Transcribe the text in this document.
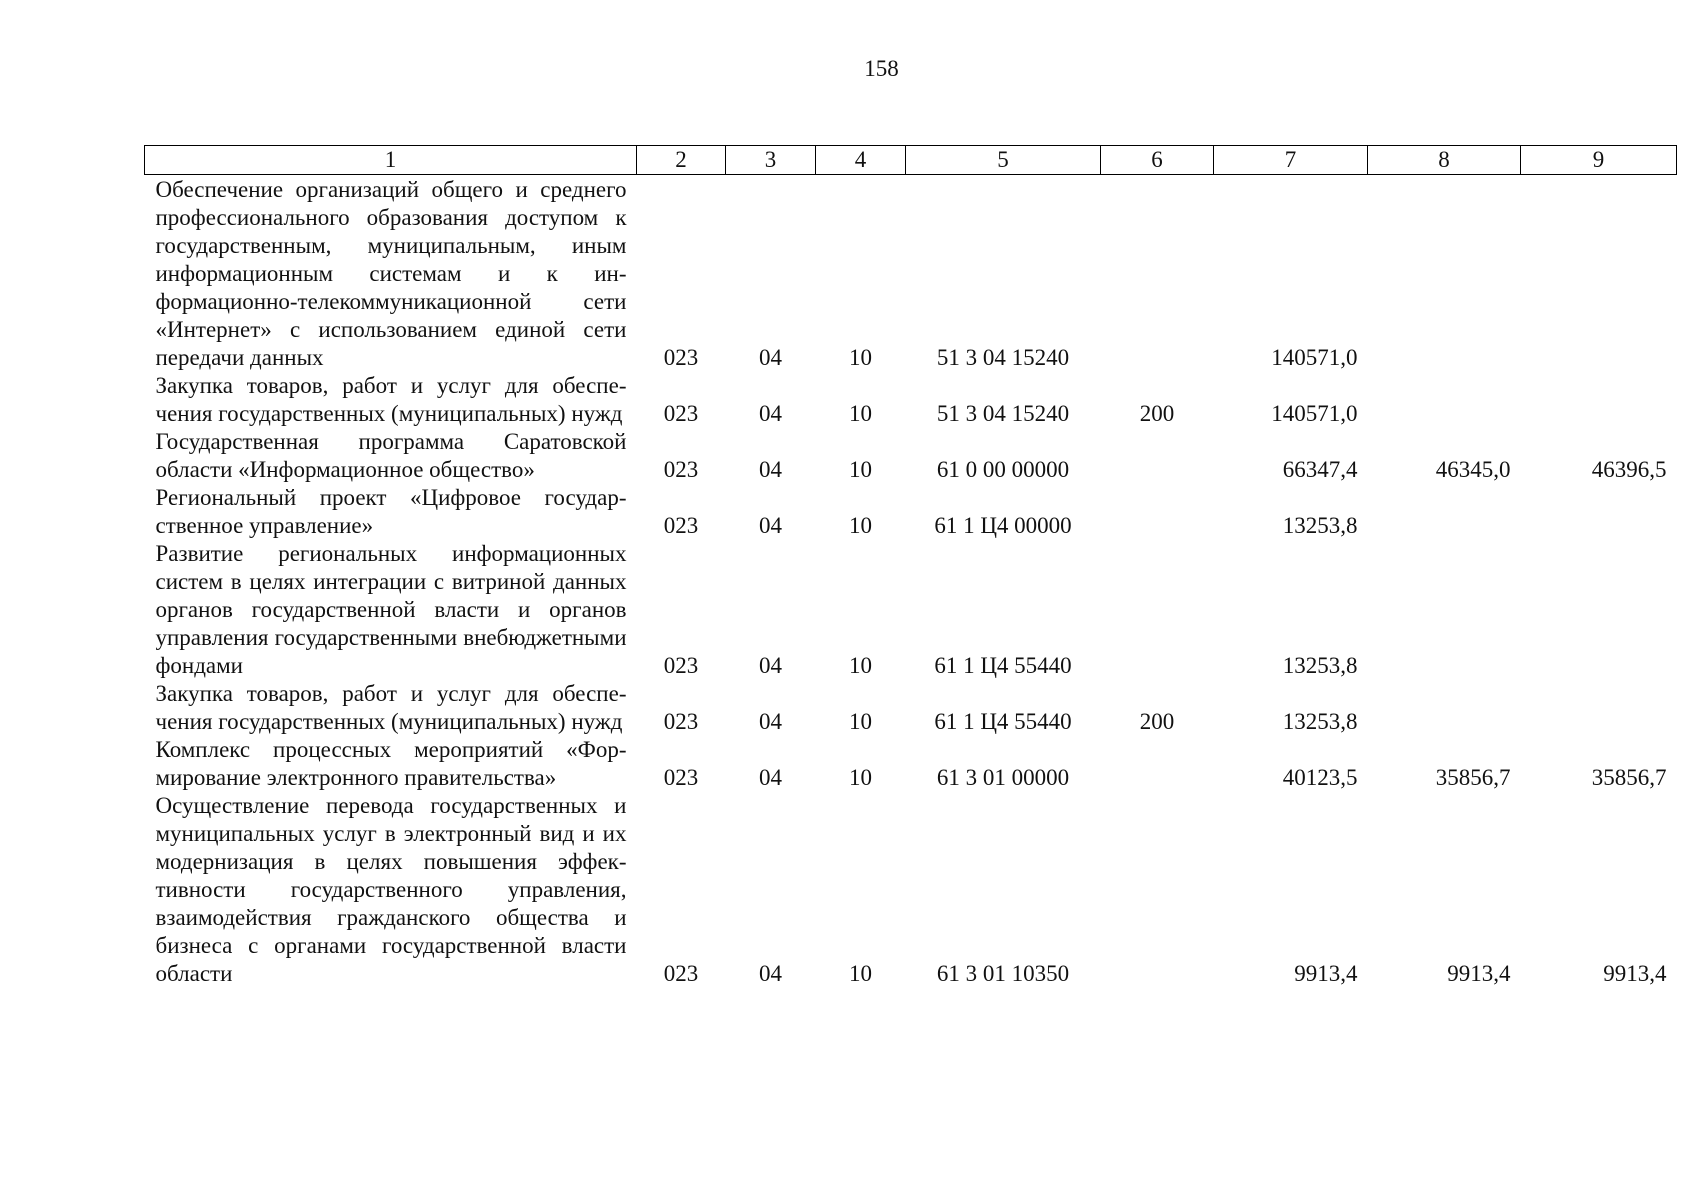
158
1	2	3	4	5	6	7	8	9
Обеспечение организаций общего и среднего профессионального образования доступом к государственным, муниципальным, иным информационным системам и к информационно-телекоммуникационной сети «Интернет» с использованием единой сети передачи данных	023	04	10	51 3 04 15240		140571,0		
Закупка товаров, работ и услуг для обеспечения государственных (муниципальных) нужд	023	04	10	51 3 04 15240	200	140571,0		
Государственная программа Саратовской области «Информационное общество»	023	04	10	61 0 00 00000		66347,4	46345,0	46396,5
Региональный проект «Цифровое государственное управление»	023	04	10	61 1 Ц4 00000		13253,8		
Развитие региональных информационных систем в целях интеграции с витриной данных органов государственной власти и органов управления государственными внебюджетными фондами	023	04	10	61 1 Ц4 55440		13253,8		
Закупка товаров, работ и услуг для обеспечения государственных (муниципальных) нужд	023	04	10	61 1 Ц4 55440	200	13253,8		
Комплекс процессных мероприятий «Формирование электронного правительства»	023	04	10	61 3 01 00000		40123,5	35856,7	35856,7
Осуществление перевода государственных и муниципальных услуг в электронный вид и их модернизация в целях повышения эффективности государственного управления, взаимодействия гражданского общества и бизнеса с органами государственной власти области	023	04	10	61 3 01 10350		9913,4	9913,4	9913,4
